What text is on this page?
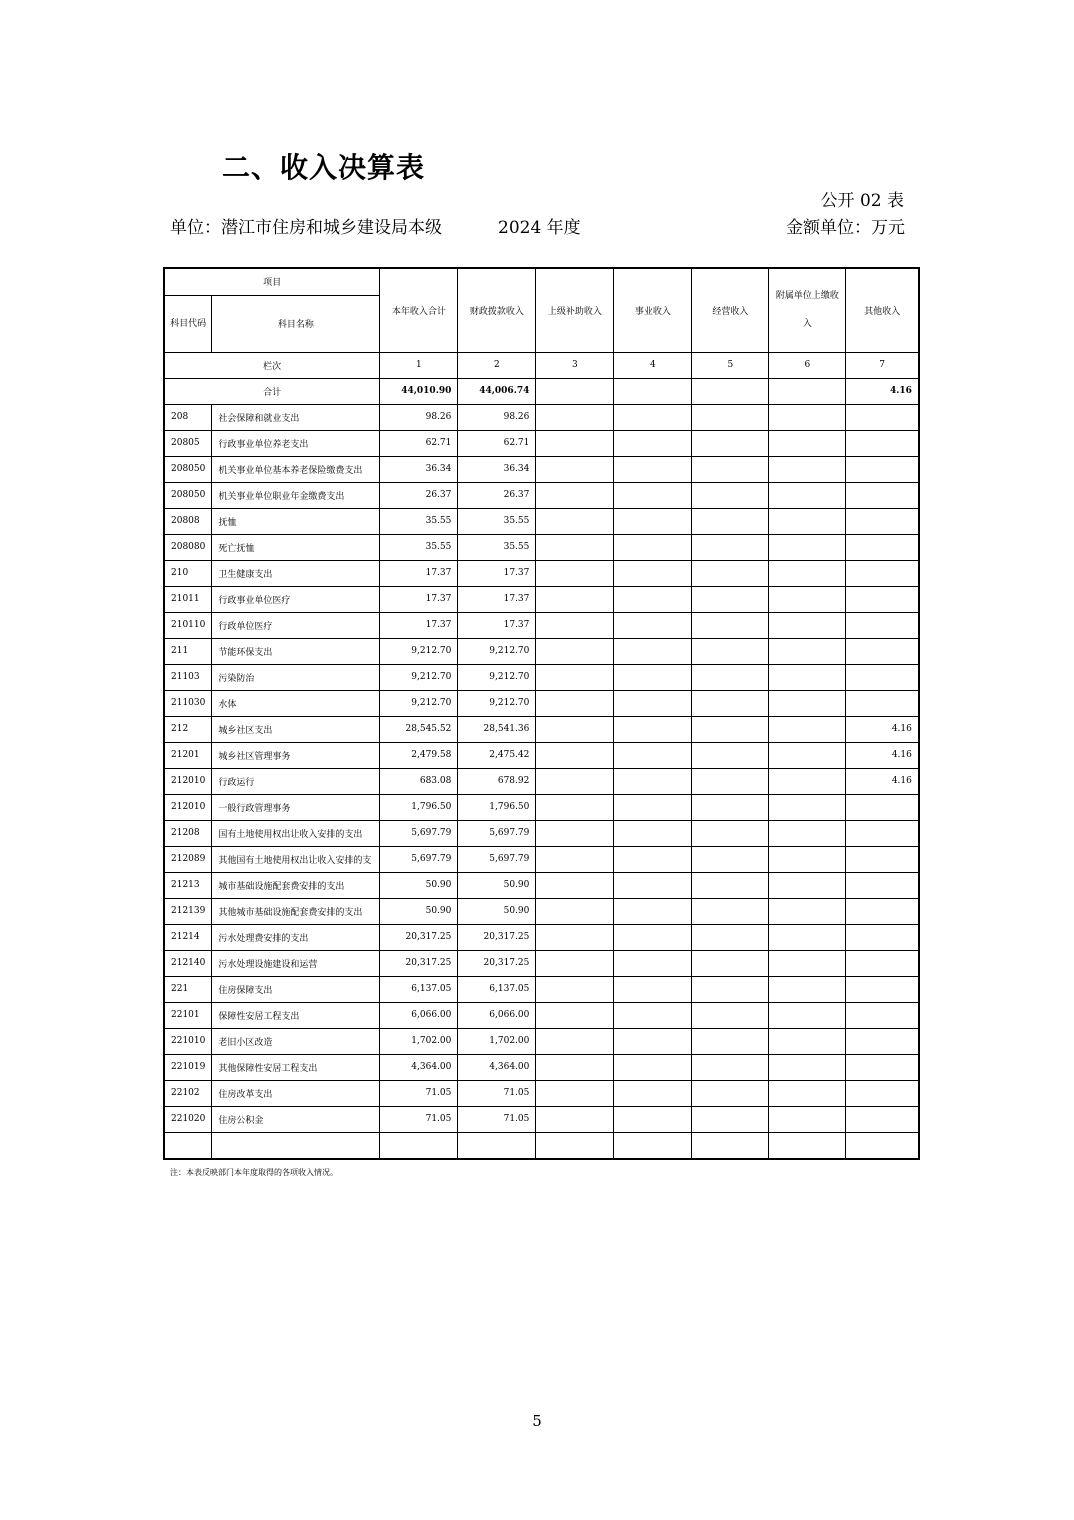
二、收入决算表
公开 02 表
单位：潜江市住房和城乡建设局本级	2024 年度	金额单位：万元
项目		本年收入合计	财政拨款收入	上级补助收入	事业收入	经营收入	附属单位上缴收入	其他收入
科目代码	科目名称							
栏次		1	2	3	4	5	6	7
合计		44,010.90	44,006.74					4.16
208	社会保障和就业支出	98.26	98.26					
20805	行政事业单位养老支出	62.71	62.71					
208050	机关事业单位基本养老保险缴费支出	36.34	36.34					
208050	机关事业单位职业年金缴费支出	26.37	26.37					
20808	抚恤	35.55	35.55					
208080	死亡抚恤	35.55	35.55					
210	卫生健康支出	17.37	17.37					
21011	行政事业单位医疗	17.37	17.37					
210110	行政单位医疗	17.37	17.37					
211	节能环保支出	9,212.70	9,212.70					
21103	污染防治	9,212.70	9,212.70					
211030	水体	9,212.70	9,212.70					
212	城乡社区支出	28,545.52	28,541.36					4.16
21201	城乡社区管理事务	2,479.58	2,475.42					4.16
212010	行政运行	683.08	678.92					4.16
212010	一般行政管理事务	1,796.50	1,796.50					
21208	国有土地使用权出让收入安排的支出	5,697.79	5,697.79					
212089	其他国有土地使用权出让收入安排的支	5,697.79	5,697.79					
21213	城市基础设施配套费安排的支出	50.90	50.90					
212139	其他城市基础设施配套费安排的支出	50.90	50.90					
21214	污水处理费安排的支出	20,317.25	20,317.25					
212140	污水处理设施建设和运营	20,317.25	20,317.25					
221	住房保障支出	6,137.05	6,137.05					
22101	保障性安居工程支出	6,066.00	6,066.00					
221010	老旧小区改造	1,702.00	1,702.00					
221019	其他保障性安居工程支出	4,364.00	4,364.00					
22102	住房改革支出	71.05	71.05					
221020	住房公积金	71.05	71.05					

注：本表反映部门本年度取得的各项收入情况。
5
